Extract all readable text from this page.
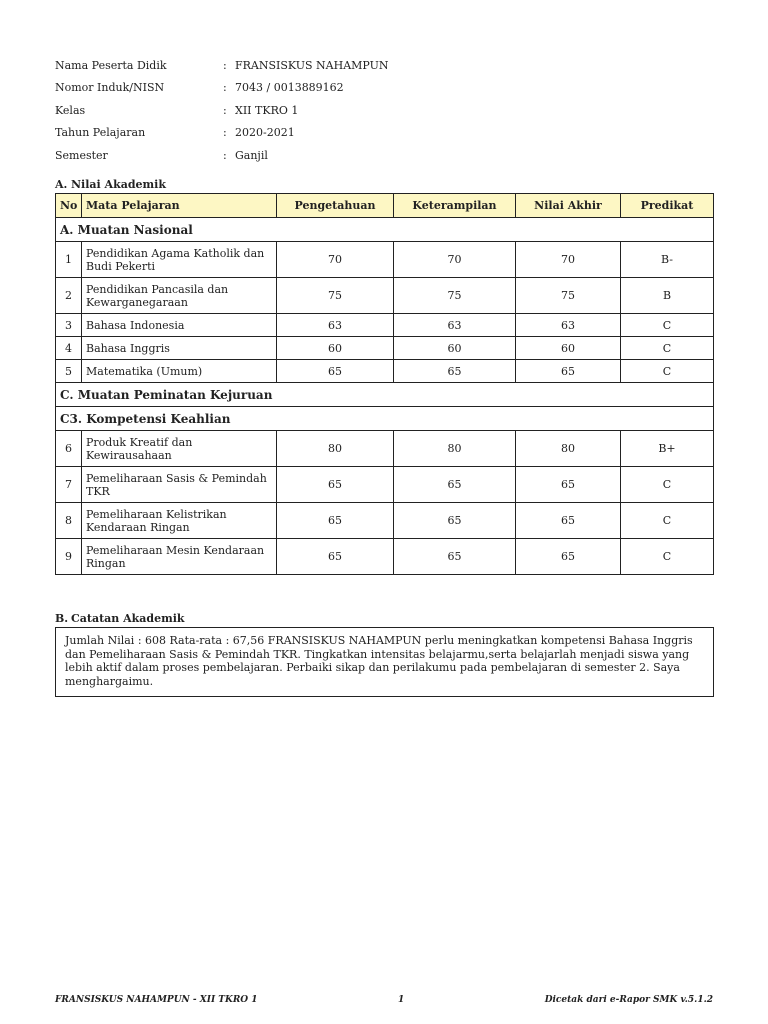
Nama Peserta Didik	: FRANSISKUS NAHAMPUN
Nomor Induk/NISN	: 7043 / 0013889162
Kelas	: XII TKRO 1
Tahun Pelajaran	: 2020-2021
Semester	: Ganjil
A. Nilai Akademik
No	Mata Pelajaran	Pengetahuan	Keterampilan	Nilai Akhir	Predikat
A. Muatan Nasional					
1	Pendidikan Agama Katholik dan Budi Pekerti	70	70	70	B-
2	Pendidikan Pancasila dan Kewarganegaraan	75	75	75	B
3	Bahasa Indonesia	63	63	63	C
4	Bahasa Inggris	60	60	60	C
5	Matematika (Umum)	65	65	65	C
C. Muatan Peminatan Kejuruan					
C3. Kompetensi Keahlian					
6	Produk Kreatif dan Kewirausahaan	80	80	80	B+
7	Pemeliharaan Sasis & Pemindah TKR	65	65	65	C
8	Pemeliharaan Kelistrikan Kendaraan Ringan	65	65	65	C
9	Pemeliharaan Mesin Kendaraan Ringan	65	65	65	C
B. Catatan Akademik
Jumlah Nilai : 608 Rata-rata : 67,56 FRANSISKUS NAHAMPUN perlu meningkatkan kompetensi Bahasa Inggris dan Pemeliharaan Sasis & Pemindah TKR. Tingkatkan intensitas belajarmu,serta belajarlah menjadi siswa yang lebih aktif dalam proses pembelajaran. Perbaiki sikap dan perilakumu pada pembelajaran di semester 2. Saya menghargaimu.
FRANSISKUS NAHAMPUN - XII TKRO 1	1	Dicetak dari e-Rapor SMK v.5.1.2
